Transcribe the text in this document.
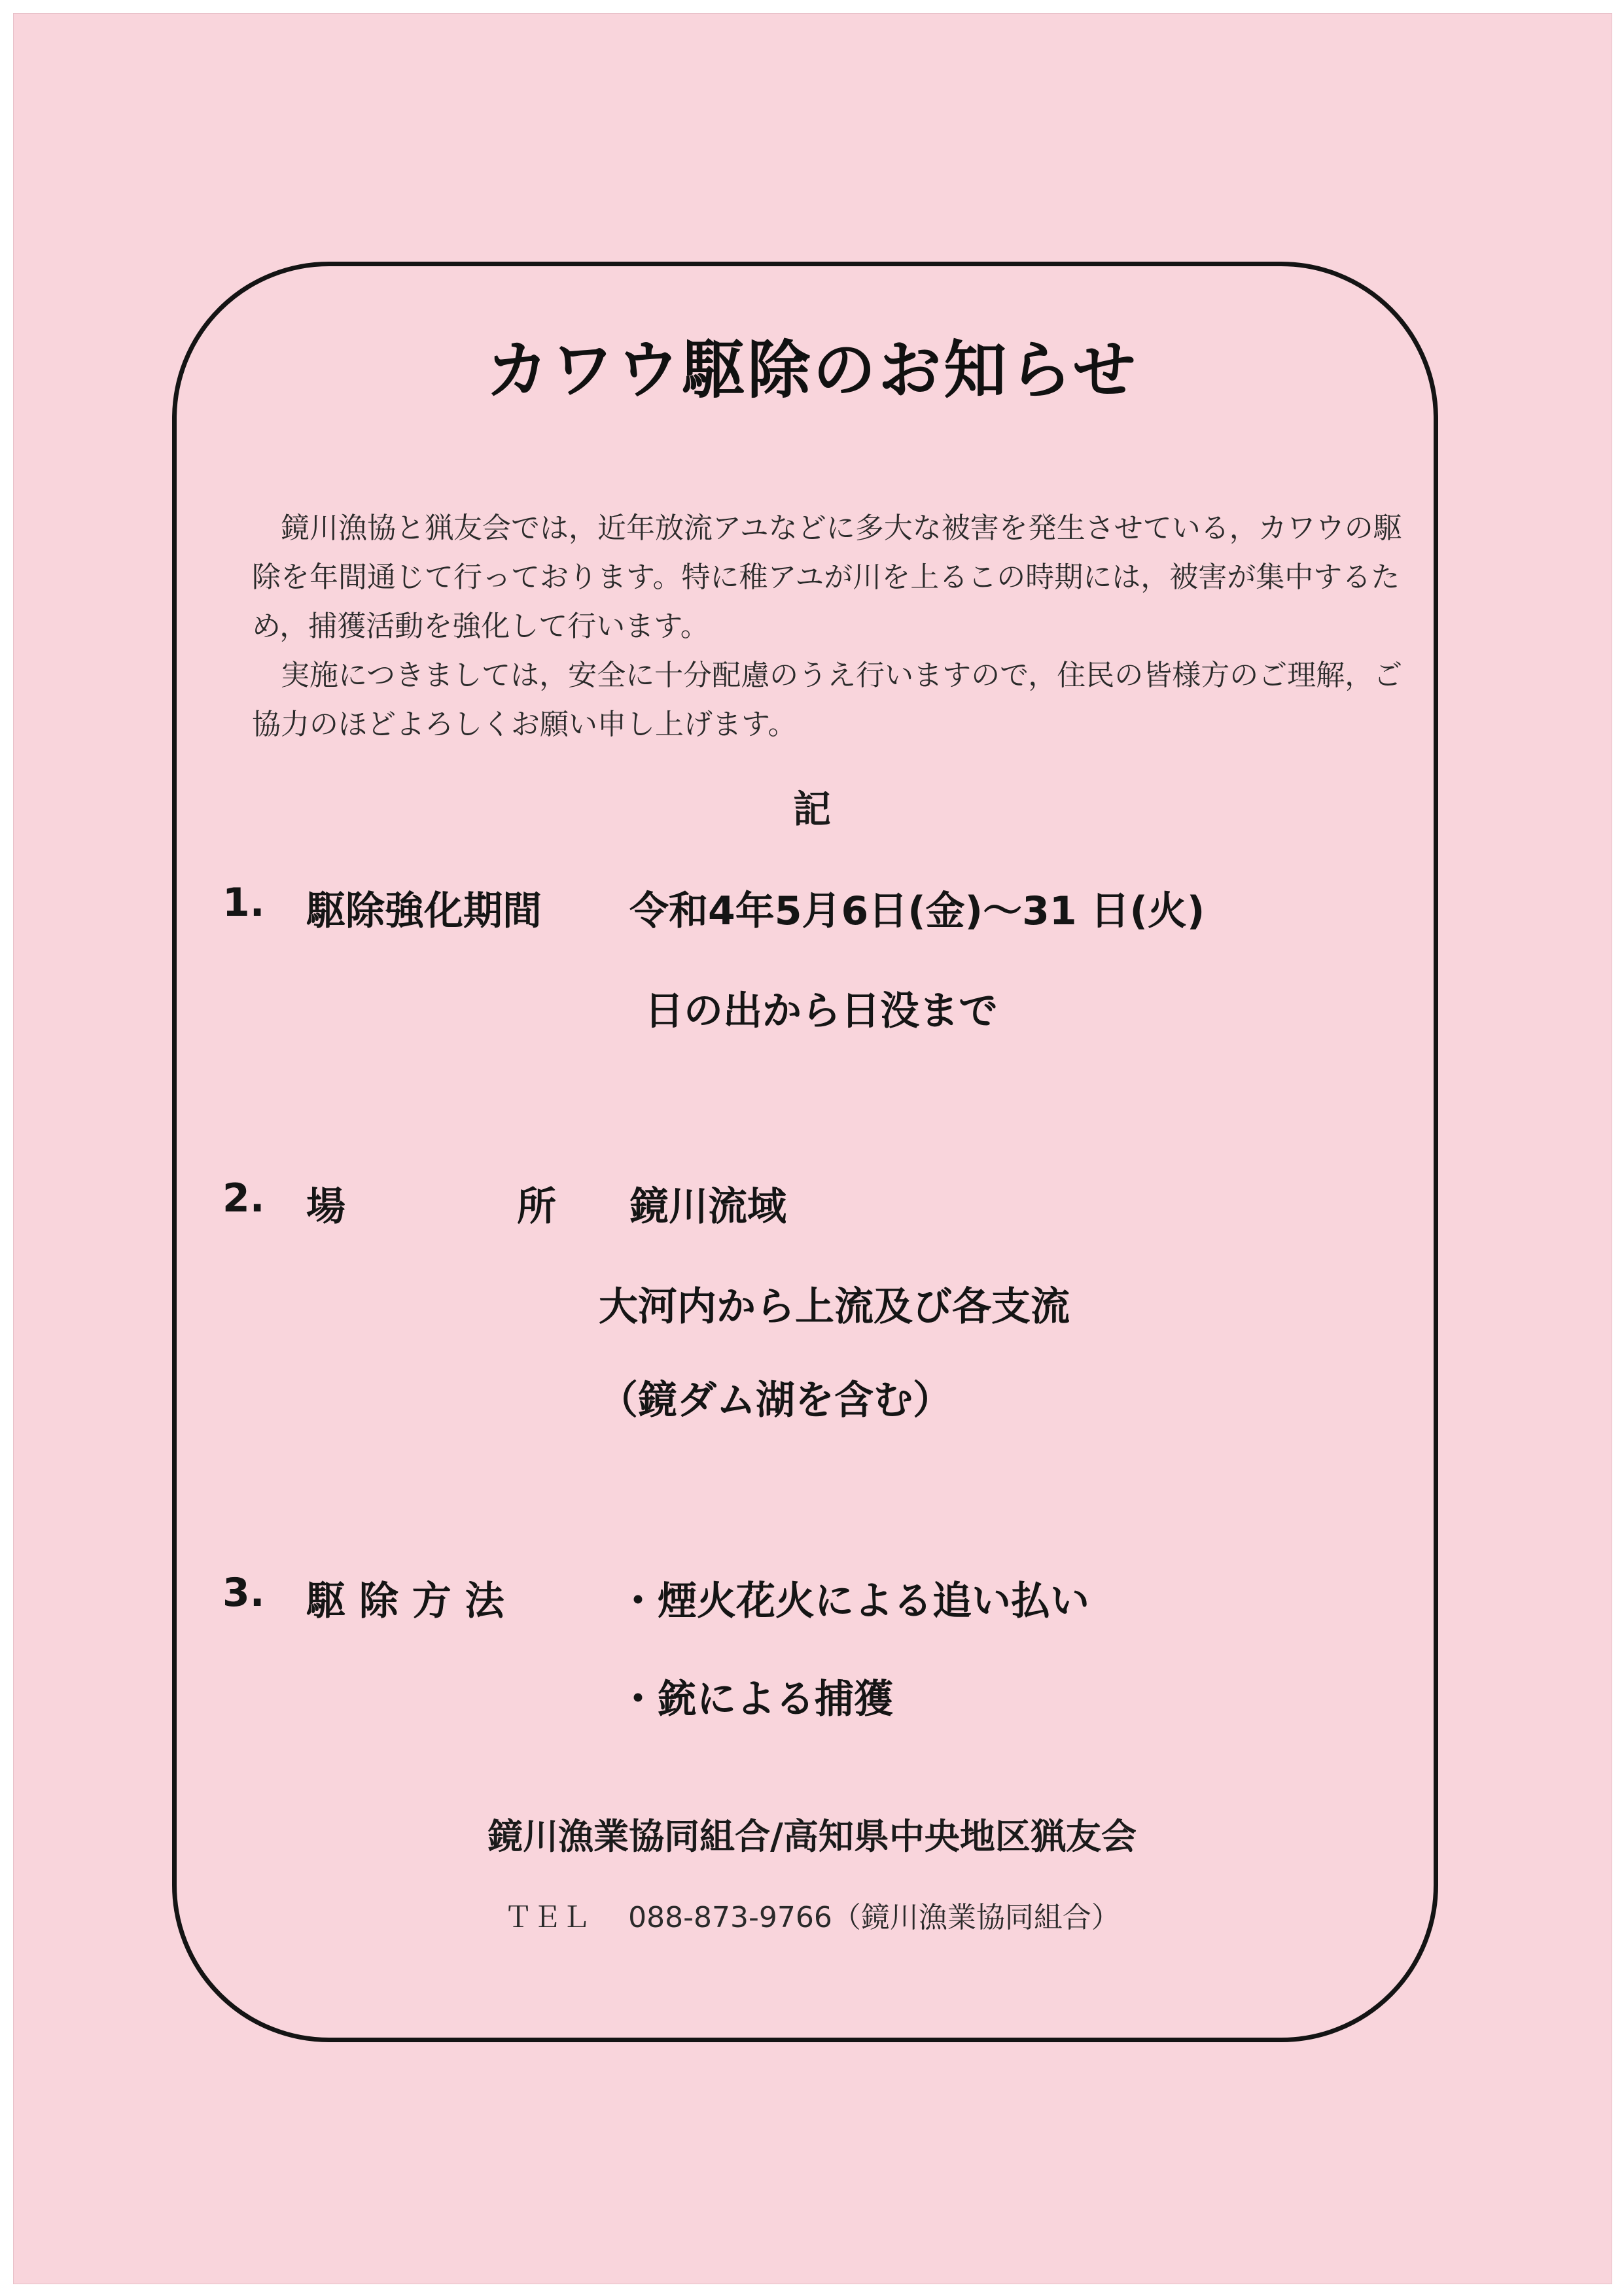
カワウ駆除のお知らせ

鏡川漁協と猟友会では，近年放流アユなどに多大な被害を発生させている，カワウの駆除を年間通じて行っております。特に稚アユが川を上るこの時期には，被害が集中するため，捕獲活動を強化して行います。

実施につきましては，安全に十分配慮のうえ行いますので，住民の皆様方のご理解，ご協力のほどよろしくお願い申し上げます。

記
1. 駆除強化期間 令和4年5月6日(金)～31 日(火)
日の出から日没まで
2. 場	所 鏡川流域
大河内から上流及び各支流
（鏡ダム湖を含む）
3. 駆 除 方 法	・煙火花火による追い払い
・銃による捕獲
鏡川漁業協同組合/高知県中央地区猟友会
ＴＥＬ　 088-873-9766（鏡川漁業協同組合）
